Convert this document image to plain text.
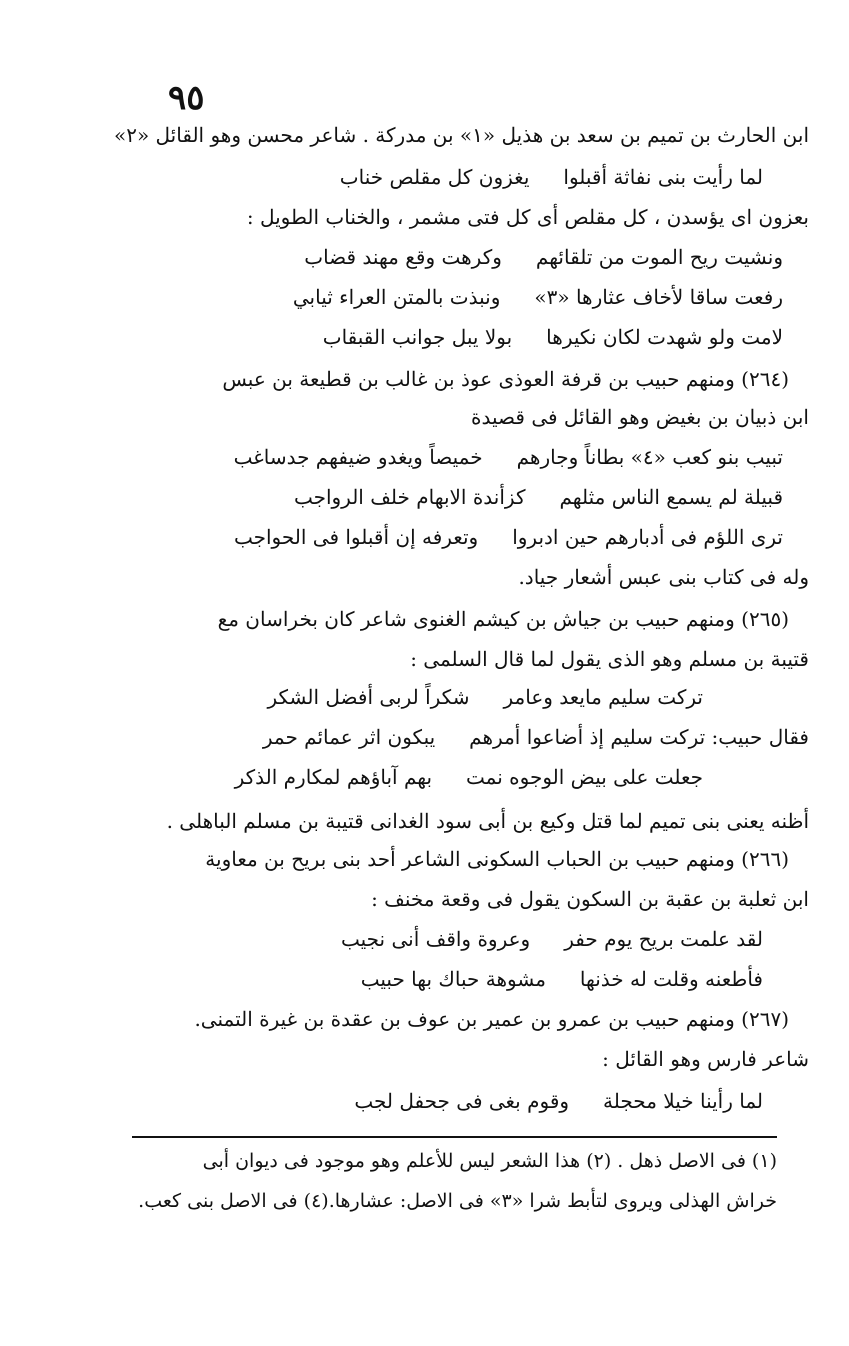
٩٥
ابن الحارث بن تميم بن سعد بن هذيل «١» بن مدركة . شاعر محسن وهو القائل «٢»
لما رأيت بنى نفاثة أقبلوا
يغزون كل مقلص خناب
بعزون ای يؤسدن ، كل مقلص أى كل فتى مشمر ، والخناب الطويل :
ونشيت ريح الموت من تلقائهم
وكرهت وقع مهند قضاب
رفعت ساقا لأخاف عثارها «٣»
ونبذت بالمتن العراء ثيابي
لامت ولو شهدت لكان نكيرها
بولا يبل جوانب القبقاب
(٢٦٤) ومنهم حبيب بن قرفة العوذى عوذ بن غالب بن قطيعة بن عبس
ابن ذبيان بن بغيض وهو القائل فى قصيدة
تبيب بنو كعب «٤» بطاناً وجارهم
خميصاً ويغدو ضيفهم جدساغب
قبيلة لم يسمع الناس مثلهم
كزأندة الابهام خلف الرواجب
ترى اللؤم فى أدبارهم حين ادبروا
وتعرفه إن أقبلوا فى الحواجب
وله فى كتاب بنى عبس أشعار جياد.
(٢٦٥) ومنهم حبيب بن جياش بن كيشم الغنوى شاعر كان بخراسان مع
قتيبة بن مسلم وهو الذى يقول لما قال السلمى :
تركت سليم مايعد وعامر
شكراً لربى أفضل الشكر
فقال حبيب: تركت سليم إذ أضاعوا أمرهم
يبكون اثر عمائم حمر
جعلت على بيض الوجوه نمت
بهم آباؤهم لمكارم الذكر
أظنه يعنى بنى تميم لما قتل وكيع بن أبى سود الغدانى قتيبة بن مسلم الباهلى .
(٢٦٦) ومنهم حبيب بن الحباب السكونى الشاعر أحد بنى بريح بن معاوية
ابن ثعلبة بن عقبة بن السكون يقول فى وقعة مخنف :
لقد علمت بريح يوم حفر
وعروة واقف أنى نجيب
فأطعنه وقلت له خذنها
مشوهة حباك بها حبيب
(٢٦٧) ومنهم حبيب بن عمرو بن عمير بن عوف بن عقدة بن غيرة التمنى.
شاعر فارس وهو القائل :
لما رأينا خيلا محجلة
وقوم بغى فى جحفل لجب
(١) فى الاصل ذهل . (٢) هذا الشعر ليس للأعلم وهو موجود فى ديوان أبى
خراش الهذلى ويروى لتأبط شرا «٣» فى الاصل: عشارها.(٤) فى الاصل بنى كعب.
